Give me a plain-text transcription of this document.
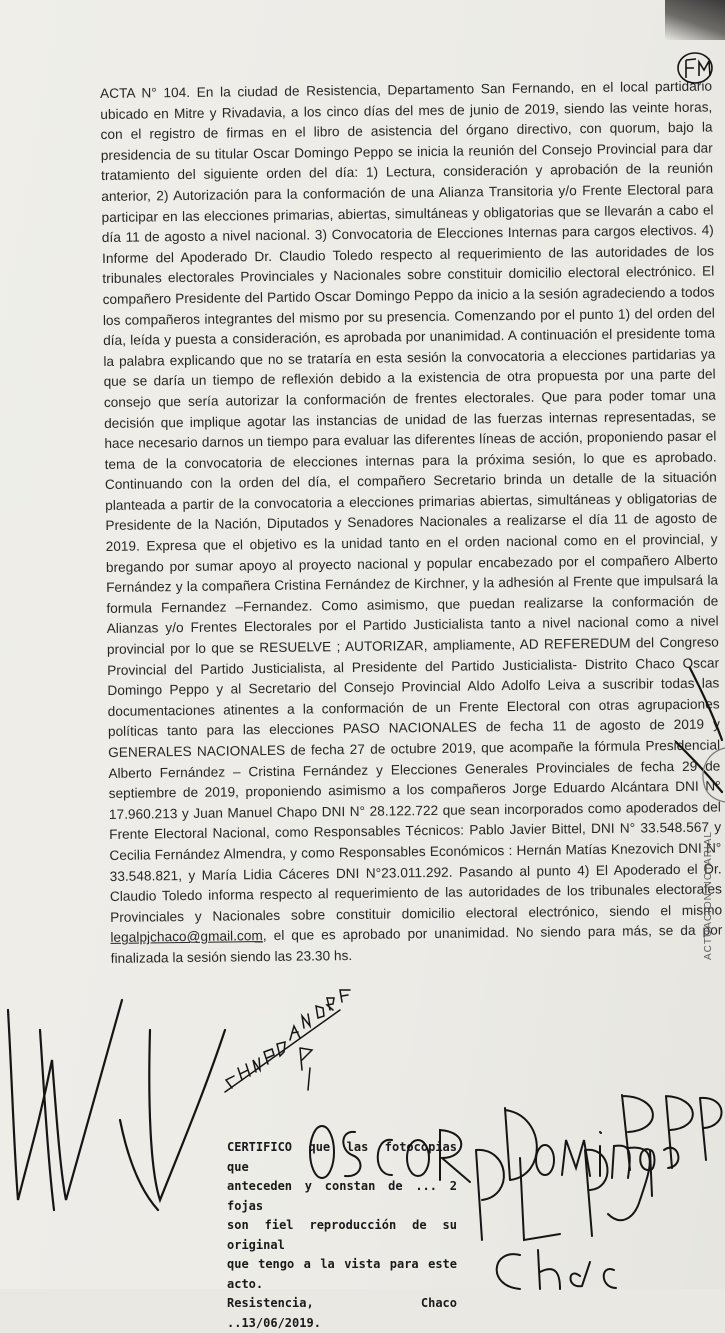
ACTA N° 104. En la ciudad de Resistencia, Departamento San Fernando, en el local partidario ubicado en Mitre y Rivadavia, a los cinco días del mes de junio de 2019, siendo las veinte horas, con el registro de firmas en el libro de asistencia del órgano directivo, con quorum, bajo la presidencia de su titular Oscar Domingo Peppo se inicia la reunión del Consejo Provincial para dar tratamiento del siguiente orden del día: 1) Lectura, consideración y aprobación de la reunión anterior, 2) Autorización para la conformación de una Alianza Transitoria y/o Frente Electoral para participar en las elecciones primarias, abiertas, simultáneas y obligatorias que se llevarán a cabo el día 11 de agosto a nivel nacional. 3) Convocatoria de Elecciones Internas para cargos electivos. 4) Informe del Apoderado Dr. Claudio Toledo respecto al requerimiento de las autoridades de los tribunales electorales Provinciales y Nacionales sobre constituir domicilio electoral electrónico. El compañero Presidente del Partido Oscar Domingo Peppo da inicio a la sesión agradeciendo a todos los compañeros integrantes del mismo por su presencia. Comenzando por el punto 1) del orden del día, leída y puesta a consideración, es aprobada por unanimidad. A continuación el presidente toma la palabra explicando que no se trataría en esta sesión la convocatoria a elecciones partidarias ya que se daría un tiempo de reflexión debido a la existencia de otra propuesta por una parte del consejo que sería autorizar la conformación de frentes electorales. Que para poder tomar una decisión que implique agotar las instancias de unidad de las fuerzas internas representadas, se hace necesario darnos un tiempo para evaluar las diferentes líneas de acción, proponiendo pasar el tema de la convocatoria de elecciones internas para la próxima sesión, lo que es aprobado. Continuando con la orden del día, el compañero Secretario brinda un detalle de la situación planteada a partir de la convocatoria a elecciones primarias abiertas, simultáneas y obligatorias de Presidente de la Nación, Diputados y Senadores Nacionales a realizarse el día 11 de agosto de 2019. Expresa que el objetivo es la unidad tanto en el orden nacional como en el provincial, y bregando por sumar apoyo al proyecto nacional y popular encabezado por el compañero Alberto Fernández y la compañera Cristina Fernández de Kirchner, y la adhesión al Frente que impulsará la formula Fernandez –Fernandez. Como asimismo, que puedan realizarse la conformación de Alianzas y/o Frentes Electorales por el Partido Justicialista tanto a nivel nacional como a nivel provincial por lo que se RESUELVE ; AUTORIZAR, ampliamente, AD REFEREDUM del Congreso Provincial del Partido Justicialista, al Presidente del Partido Justicialista- Distrito Chaco Oscar Domingo Peppo y al Secretario del Consejo Provincial Aldo Adolfo Leiva a suscribir todas las documentaciones atinentes a la conformación de un Frente Electoral con otras agrupaciones políticas tanto para las elecciones PASO NACIONALES de fecha 11 de agosto de 2019 y GENERALES NACIONALES de fecha 27 de octubre 2019, que acompañe la fórmula Presidencial Alberto Fernández – Cristina Fernández y Elecciones Generales Provinciales de fecha 29 de septiembre de 2019, proponiendo asimismo a los compañeros Jorge Eduardo Alcántara DNI N° 17.960.213 y Juan Manuel Chapo DNI N° 28.122.722 que sean incorporados como apoderados del Frente Electoral Nacional, como Responsables Técnicos: Pablo Javier Bittel, DNI N° 33.548.567 y Cecilia Fernández Almendra, y como Responsables Económicos : Hernán Matías Knezovich DNI N° 33.548.821, y María Lidia Cáceres DNI N°23.011.292. Pasando al punto 4) El Apoderado el Dr. Claudio Toledo informa respecto al requerimiento de las autoridades de los tribunales electorales Provinciales y Nacionales sobre constituir domicilio electoral electrónico, siendo el mismo legalpjchaco@gmail.com, el que es aprobado por unanimidad. No siendo para más, se da por finalizada la sesión siendo las 23.30 hs.	ACTUACION NOTARIAL

CERTIFICO que las fotocopias que

anteceden y constan de ... 2 fojas

son fiel reproducción de su original

que tengo a la vista para este acto.

Resistencia, Chaco ..13/06/2019.
